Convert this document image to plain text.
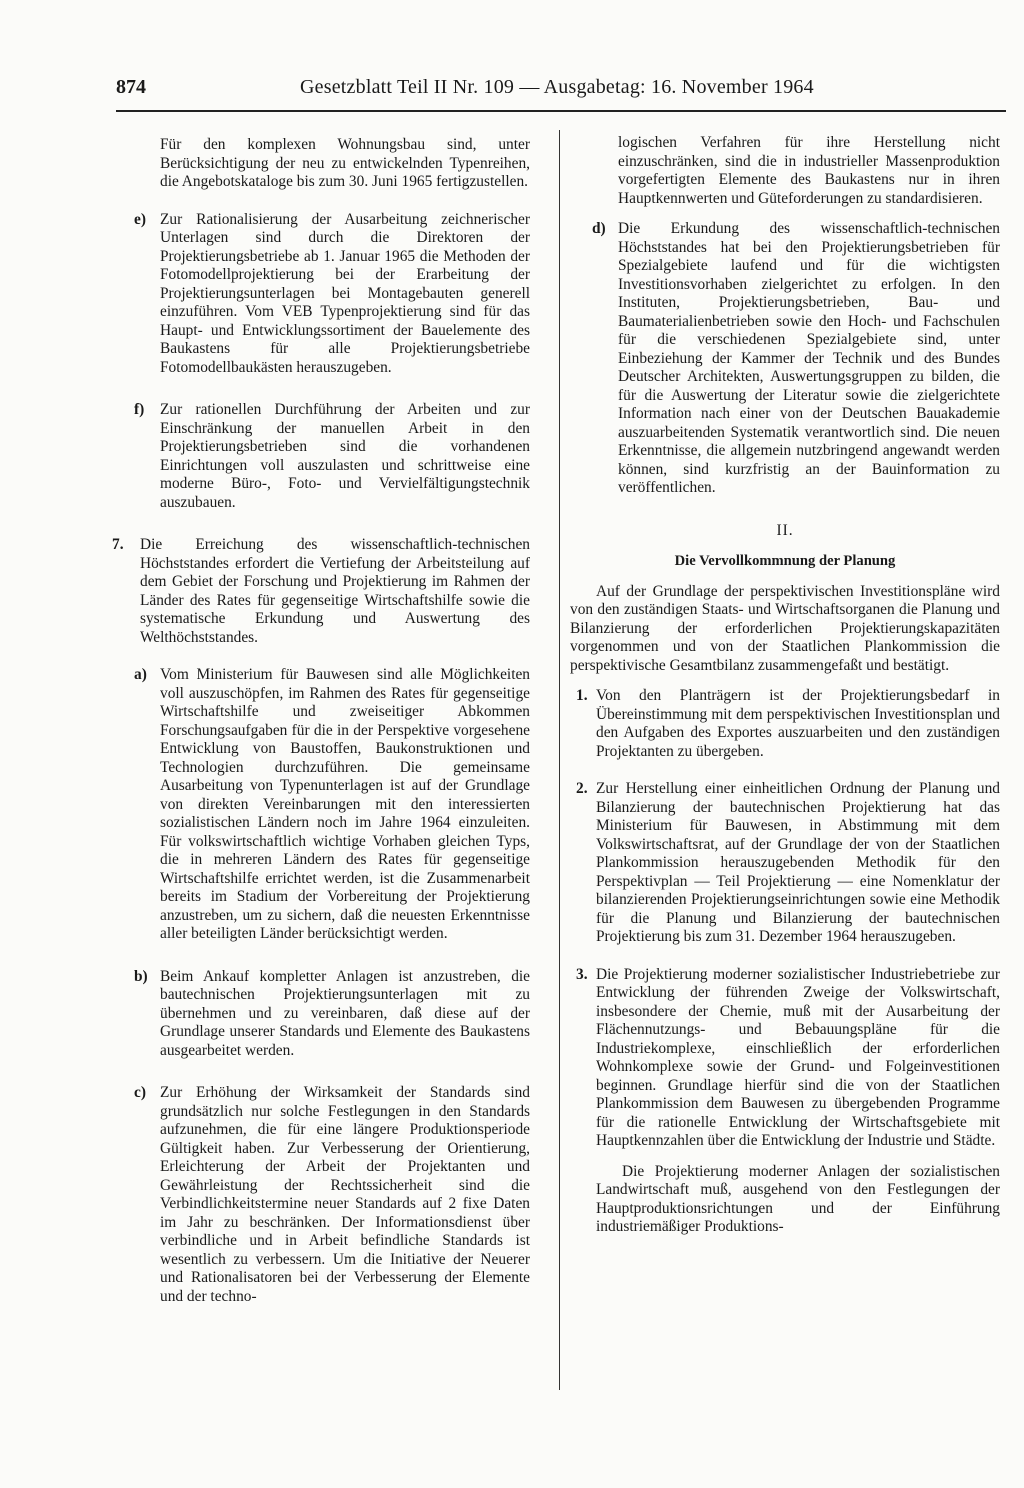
874	Gesetzblatt Teil II Nr. 109 — Ausgabetag: 16. November 1964

Für den komplexen Wohnungsbau sind, unter Berücksichtigung der neu zu entwickelnden Typenreihen, die Angebotskataloge bis zum 30. Juni 1965 fertigzustellen.

e) Zur Rationalisierung der Ausarbeitung zeichnerischer Unterlagen sind durch die Direktoren der Projektierungsbetriebe ab 1. Januar 1965 die Methoden der Fotomodellprojektierung bei der Erarbeitung der Projektierungsunterlagen bei Montagebauten generell einzuführen. Vom VEB Typenprojektierung sind für das Haupt- und Entwicklungssortiment der Bauelemente des Baukastens für alle Projektierungsbetriebe Fotomodellbaukästen herauszugeben.

f) Zur rationellen Durchführung der Arbeiten und zur Einschränkung der manuellen Arbeit in den Projektierungsbetrieben sind die vorhandenen Einrichtungen voll auszulasten und schrittweise eine moderne Büro-, Foto- und Vervielfältigungstechnik auszubauen.

7. Die Erreichung des wissenschaftlich-technischen Höchststandes erfordert die Vertiefung der Arbeitsteilung auf dem Gebiet der Forschung und Projektierung im Rahmen der Länder des Rates für gegenseitige Wirtschaftshilfe sowie die systematische Erkundung und Auswertung des Welthöchststandes.

a) Vom Ministerium für Bauwesen sind alle Möglichkeiten voll auszuschöpfen, im Rahmen des Rates für gegenseitige Wirtschaftshilfe und zweiseitiger Abkommen Forschungsaufgaben für die in der Perspektive vorgesehene Entwicklung von Baustoffen, Baukonstruktionen und Technologien durchzuführen. Die gemeinsame Ausarbeitung von Typenunterlagen ist auf der Grundlage von direkten Vereinbarungen mit den interessierten sozialistischen Ländern noch im Jahre 1964 einzuleiten. Für volkswirtschaftlich wichtige Vorhaben gleichen Typs, die in mehreren Ländern des Rates für gegenseitige Wirtschaftshilfe errichtet werden, ist die Zusammenarbeit bereits im Stadium der Vorbereitung der Projektierung anzustreben, um zu sichern, daß die neuesten Erkenntnisse aller beteiligten Länder berücksichtigt werden.

b) Beim Ankauf kompletter Anlagen ist anzustreben, die bautechnischen Projektierungsunterlagen mit zu übernehmen und zu vereinbaren, daß diese auf der Grundlage unserer Standards und Elemente des Baukastens ausgearbeitet werden.

c) Zur Erhöhung der Wirksamkeit der Standards sind grundsätzlich nur solche Festlegungen in den Standards aufzunehmen, die für eine längere Produktionsperiode Gültigkeit haben. Zur Verbesserung der Orientierung, Erleichterung der Arbeit der Projektanten und Gewährleistung der Rechtssicherheit sind die Verbindlichkeitstermine neuer Standards auf 2 fixe Daten im Jahr zu beschränken. Der Informationsdienst über verbindliche und in Arbeit befindliche Standards ist wesentlich zu verbessern. Um die Initiative der Neuerer und Rationalisatoren bei der Verbesserung der Elemente und der techno-

logischen Verfahren für ihre Herstellung nicht einzuschränken, sind die in industrieller Massenproduktion vorgefertigten Elemente des Baukastens nur in ihren Hauptkennwerten und Güteforderungen zu standardisieren.

d) Die Erkundung des wissenschaftlich-technischen Höchststandes hat bei den Projektierungsbetrieben für Spezialgebiete laufend und für die wichtigsten Investitionsvorhaben zielgerichtet zu erfolgen. In den Instituten, Projektierungsbetrieben, Bau- und Baumaterialienbetrieben sowie den Hoch- und Fachschulen für die verschiedenen Spezialgebiete sind, unter Einbeziehung der Kammer der Technik und des Bundes Deutscher Architekten, Auswertungsgruppen zu bilden, die für die Auswertung der Literatur sowie die zielgerichtete Information nach einer von der Deutschen Bauakademie auszuarbeitenden Systematik verantwortlich sind. Die neuen Erkenntnisse, die allgemein nutzbringend angewandt werden können, sind kurzfristig an der Bauinformation zu veröffentlichen.

II.

Die Vervollkommnung der Planung

Auf der Grundlage der perspektivischen Investitionspläne wird von den zuständigen Staats- und Wirtschaftsorganen die Planung und Bilanzierung der erforderlichen Projektierungskapazitäten vorgenommen und von der Staatlichen Plankommission die perspektivische Gesamtbilanz zusammengefaßt und bestätigt.

1. Von den Planträgern ist der Projektierungsbedarf in Übereinstimmung mit dem perspektivischen Investitionsplan und den Aufgaben des Exportes auszuarbeiten und den zuständigen Projektanten zu übergeben.

2. Zur Herstellung einer einheitlichen Ordnung der Planung und Bilanzierung der bautechnischen Projektierung hat das Ministerium für Bauwesen, in Abstimmung mit dem Volkswirtschaftsrat, auf der Grundlage der von der Staatlichen Plankommission herauszugebenden Methodik für den Perspektivplan — Teil Projektierung — eine Nomenklatur der bilanzierenden Projektierungseinrichtungen sowie eine Methodik für die Planung und Bilanzierung der bautechnischen Projektierung bis zum 31. Dezember 1964 herauszugeben.

3. Die Projektierung moderner sozialistischer Industriebetriebe zur Entwicklung der führenden Zweige der Volkswirtschaft, insbesondere der Chemie, muß mit der Ausarbeitung der Flächennutzungs- und Bebauungspläne für die Industriekomplexe, einschließlich der erforderlichen Wohnkomplexe sowie der Grund- und Folgeinvestitionen beginnen. Grundlage hierfür sind die von der Staatlichen Plankommission dem Bauwesen zu übergebenden Programme für die rationelle Entwicklung der Wirtschaftsgebiete mit Hauptkennzahlen über die Entwicklung der Industrie und Städte.

Die Projektierung moderner Anlagen der sozialistischen Landwirtschaft muß, ausgehend von den Festlegungen der Hauptproduktionsrichtungen und der Einführung industriemäßiger Produktions-
